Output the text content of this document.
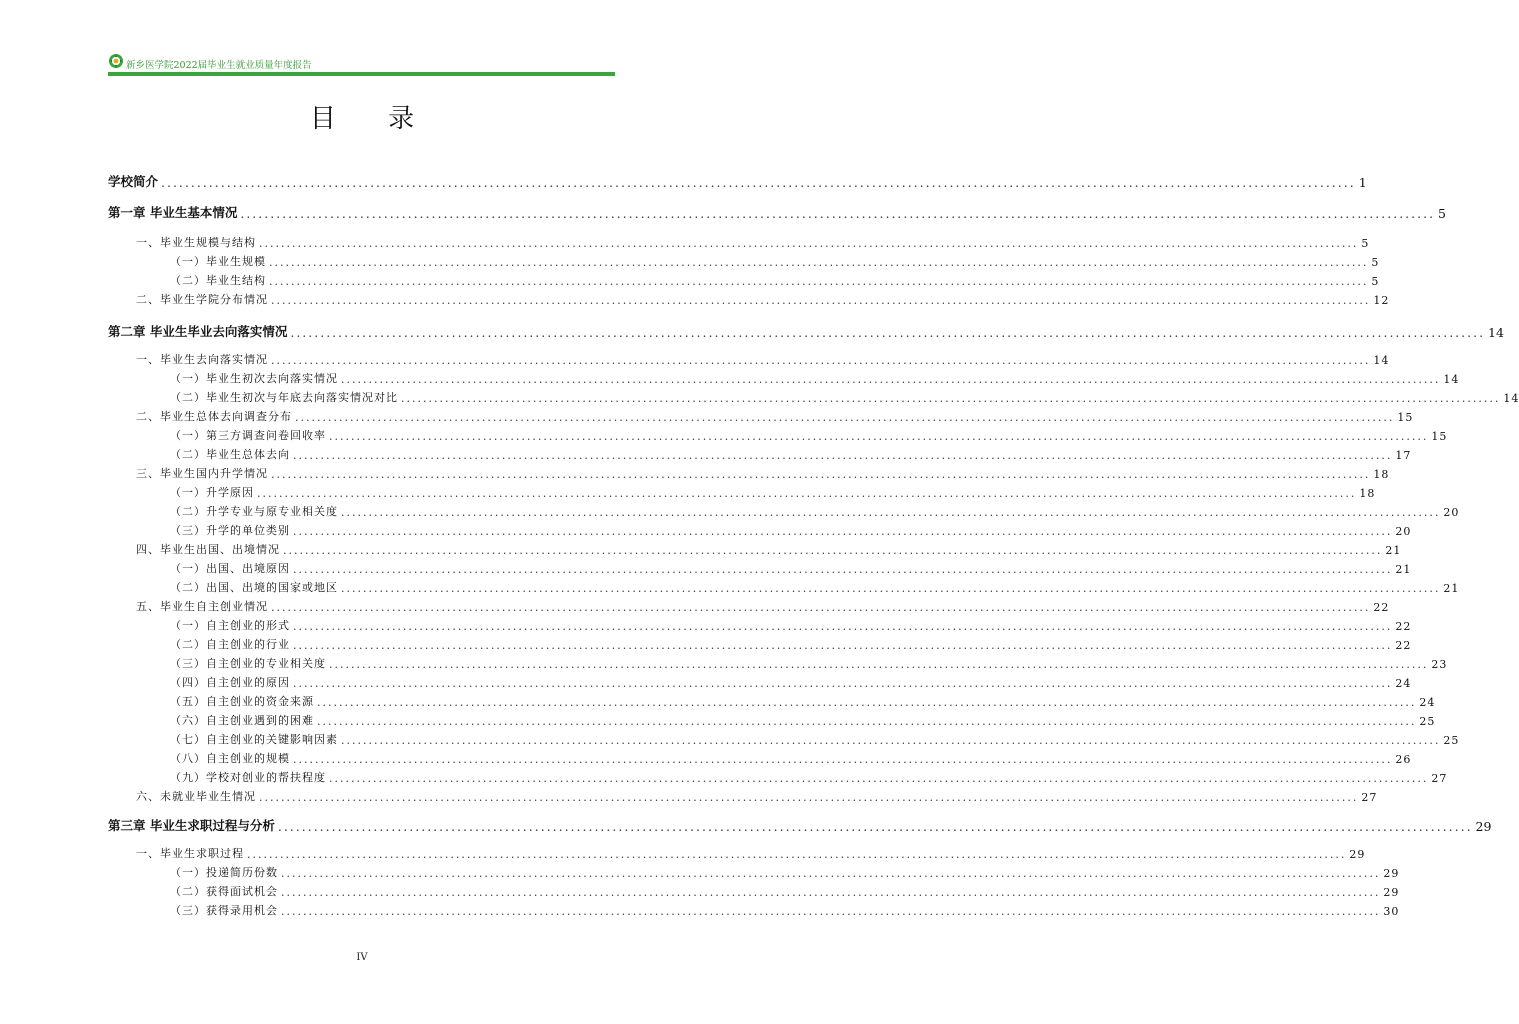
新乡医学院2022届毕业生就业质量年度报告
目 录
学校简介 ........................................................................................................................................................................................................ 1
第一章 毕业生基本情况 ........................................................................................................................................................................................................ 5
一、毕业生规模与结构 ........................................................................................................................................................................................................ 5
（一）毕业生规模 ........................................................................................................................................................................................................ 5
（二）毕业生结构 ........................................................................................................................................................................................................ 5
二、毕业生学院分布情况 ........................................................................................................................................................................................................ 12
第二章 毕业生毕业去向落实情况 ........................................................................................................................................................................................................ 14
一、毕业生去向落实情况 ........................................................................................................................................................................................................ 14
（一）毕业生初次去向落实情况 ........................................................................................................................................................................................................ 14
（二）毕业生初次与年底去向落实情况对比 ........................................................................................................................................................................................................ 14
二、毕业生总体去向调查分布 ........................................................................................................................................................................................................ 15
（一）第三方调查问卷回收率 ........................................................................................................................................................................................................ 15
（二）毕业生总体去向 ........................................................................................................................................................................................................ 17
三、毕业生国内升学情况 ........................................................................................................................................................................................................ 18
（一）升学原因 ........................................................................................................................................................................................................ 18
（二）升学专业与原专业相关度 ........................................................................................................................................................................................................ 20
（三）升学的单位类别 ........................................................................................................................................................................................................ 20
四、毕业生出国、出境情况 ........................................................................................................................................................................................................ 21
（一）出国、出境原因 ........................................................................................................................................................................................................ 21
（二）出国、出境的国家或地区 ........................................................................................................................................................................................................ 21
五、毕业生自主创业情况 ........................................................................................................................................................................................................ 22
（一）自主创业的形式 ........................................................................................................................................................................................................ 22
（二）自主创业的行业 ........................................................................................................................................................................................................ 22
（三）自主创业的专业相关度 ........................................................................................................................................................................................................ 23
（四）自主创业的原因 ........................................................................................................................................................................................................ 24
（五）自主创业的资金来源 ........................................................................................................................................................................................................ 24
（六）自主创业遇到的困难 ........................................................................................................................................................................................................ 25
（七）自主创业的关键影响因素 ........................................................................................................................................................................................................ 25
（八）自主创业的规模 ........................................................................................................................................................................................................ 26
（九）学校对创业的帮扶程度 ........................................................................................................................................................................................................ 27
六、未就业毕业生情况 ........................................................................................................................................................................................................ 27
第三章 毕业生求职过程与分析 ........................................................................................................................................................................................................ 29
一、毕业生求职过程 ........................................................................................................................................................................................................ 29
（一）投递简历份数 ........................................................................................................................................................................................................ 29
（二）获得面试机会 ........................................................................................................................................................................................................ 29
（三）获得录用机会 ........................................................................................................................................................................................................ 30
IV
